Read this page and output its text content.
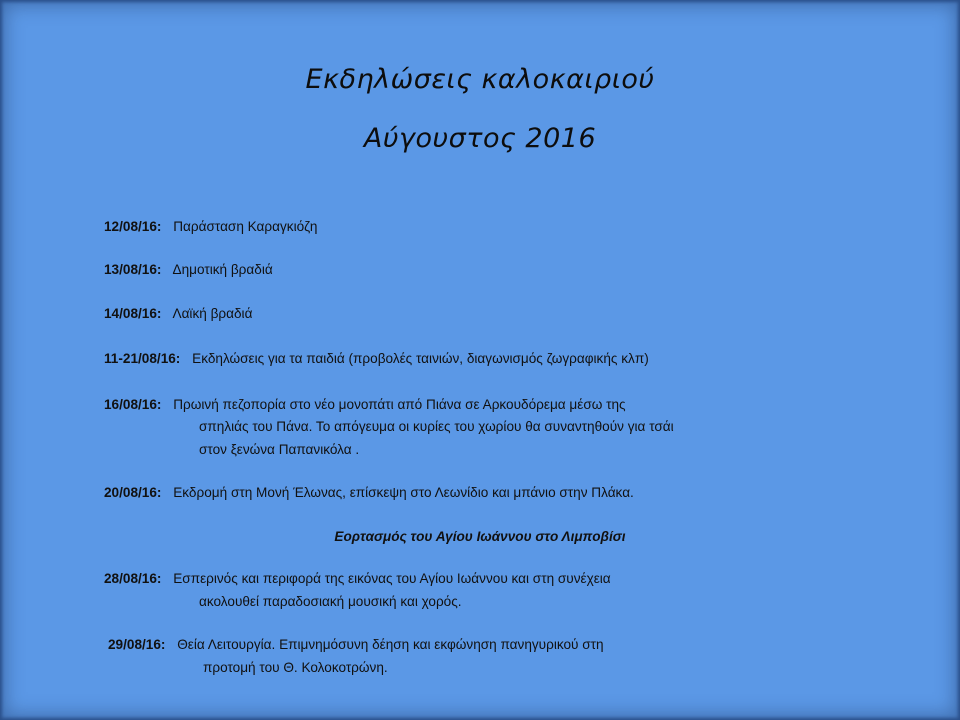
Εκδηλώσεις καλοκαιριού
Αύγουστος 2016
12/08/16: Παράσταση Καραγκιόζη
13/08/16: Δημοτική βραδιά
14/08/16: Λαϊκή βραδιά
11-21/08/16: Εκδηλώσεις για τα παιδιά (προβολές ταινιών, διαγωνισμός ζωγραφικής κλπ)
16/08/16: Πρωινή πεζοπορία στο νέο μονοπάτι από Πιάνα σε Αρκουδόρεμα μέσω της
σπηλιάς του Πάνα. Το απόγευμα οι κυρίες του χωρίου θα συναντηθούν για τσάι
στον ξενώνα Παπανικόλα .
20/08/16: Εκδρομή στη Μονή Έλωνας, επίσκεψη στο Λεωνίδιο και μπάνιο στην Πλάκα.
Εορτασμός του Αγίου Ιωάννου στο Λιμποβίσι
28/08/16: Εσπερινός και περιφορά της εικόνας του Αγίου Ιωάννου και στη συνέχεια
ακολουθεί παραδοσιακή μουσική και χορός.
29/08/16: Θεία Λειτουργία. Επιμνημόσυνη δέηση και εκφώνηση πανηγυρικού στη
προτομή του Θ. Κολοκοτρώνη.
